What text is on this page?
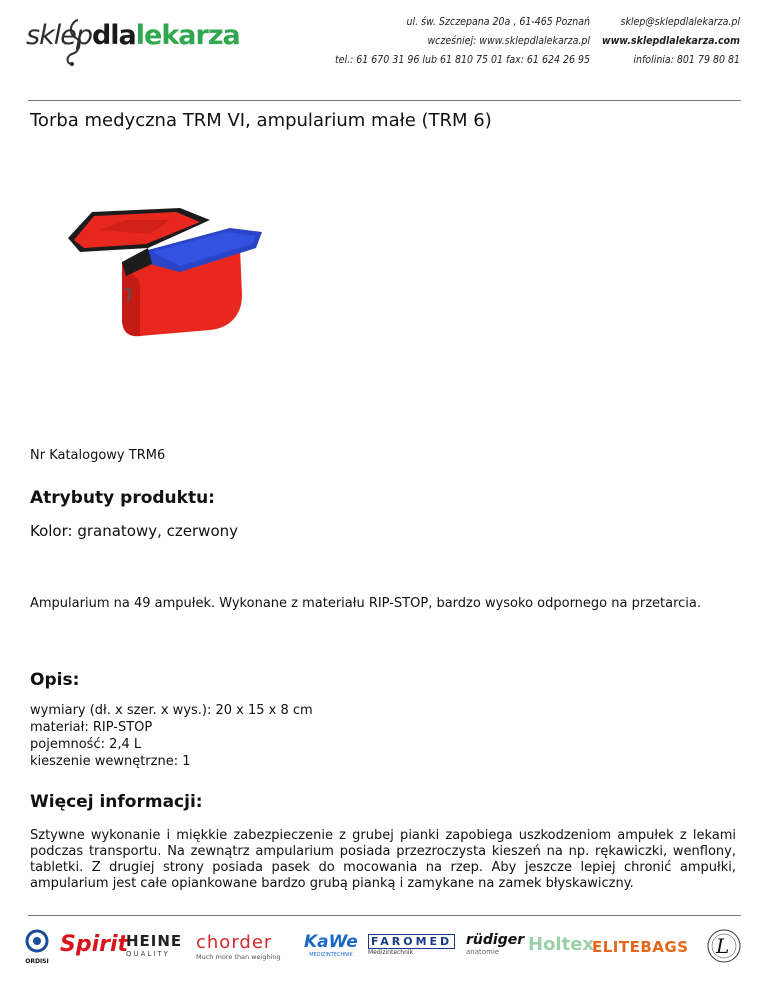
sklepdlalekarza	ul. św. Szczepana 20a , 61-465 Poznań
wcześniej: www.sklepdlalekarza.pl
tel.: 61 670 31 96 lub 61 810 75 01 fax: 61 624 26 95
sklep@sklepdlalekarza.pl
www.sklepdlalekarza.com
infolinia: 801 79 80 81
Torba medyczna TRM VI, ampularium małe (TRM 6)
Nr Katalogowy TRM6
Atrybuty produktu:
Kolor: granatowy, czerwony
Ampularium na 49 ampułek. Wykonane z materiału RIP-STOP, bardzo wysoko odpornego na przetarcia.
Opis:
wymiary (dł. x szer. x wys.): 20 x 15 x 8 cm
materiał: RIP-STOP
pojemność: 2,4 L
kieszenie wewnętrzne: 1
Więcej informacji:
Sztywne wykonanie i miękkie zabezpieczenie z grubej pianki zapobiega uszkodzeniom ampułek z lekami podczas transportu. Na zewnątrz ampularium posiada przezroczysta kieszeń na np. rękawiczki, wenflony, tabletki. Z drugiej strony posiada pasek do mocowania na rzep. Aby jeszcze lepiej chronić ampułki, ampularium jest całe opiankowane bardzo grubą pianką i zamykane na zamek błyskawiczny.
ORDISI
Spirit
HEINE
QUALITY
chorder
Much more than weighing
KaWe
MEDIZINTECHNIK
FAROMED
Medizintechnik
rüdiger
anatomie	Holtex
ELITEBAGS L
